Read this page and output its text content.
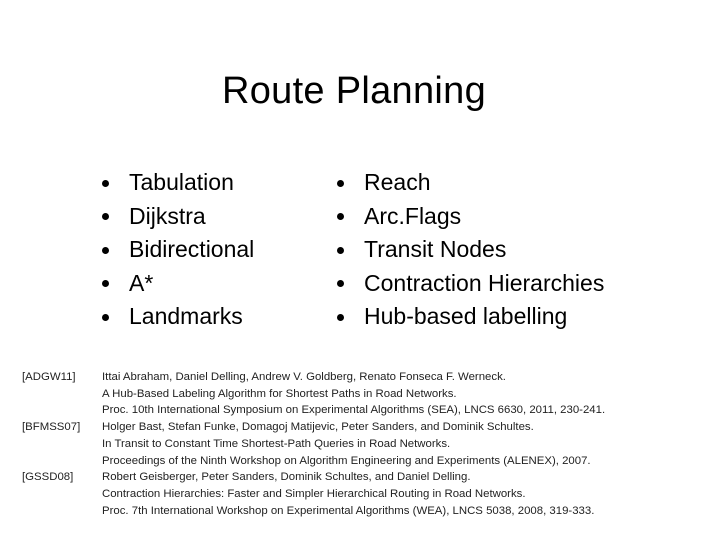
Route Planning
Tabulation
Dijkstra
Bidirectional
A*
Landmarks
Reach
Arc.Flags
Transit Nodes
Contraction Hierarchies
Hub-based labelling
[ADGW11] Ittai Abraham, Daniel Delling, Andrew V. Goldberg, Renato Fonseca F. Werneck.
A Hub-Based Labeling Algorithm for Shortest Paths in Road Networks.
Proc. 10th International Symposium on Experimental Algorithms (SEA), LNCS 6630, 2011, 230-241.
[BFMSS07] Holger Bast, Stefan Funke, Domagoj Matijevic, Peter Sanders, and Dominik Schultes.
In Transit to Constant Time Shortest-Path Queries in Road Networks.
Proceedings of the Ninth Workshop on Algorithm Engineering and Experiments (ALENEX), 2007.
[GSSD08]	Robert Geisberger, Peter Sanders, Dominik Schultes, and Daniel Delling.
Contraction Hierarchies: Faster and Simpler Hierarchical Routing in Road Networks.
Proc. 7th International Workshop on Experimental Algorithms (WEA), LNCS 5038, 2008, 319-333.
